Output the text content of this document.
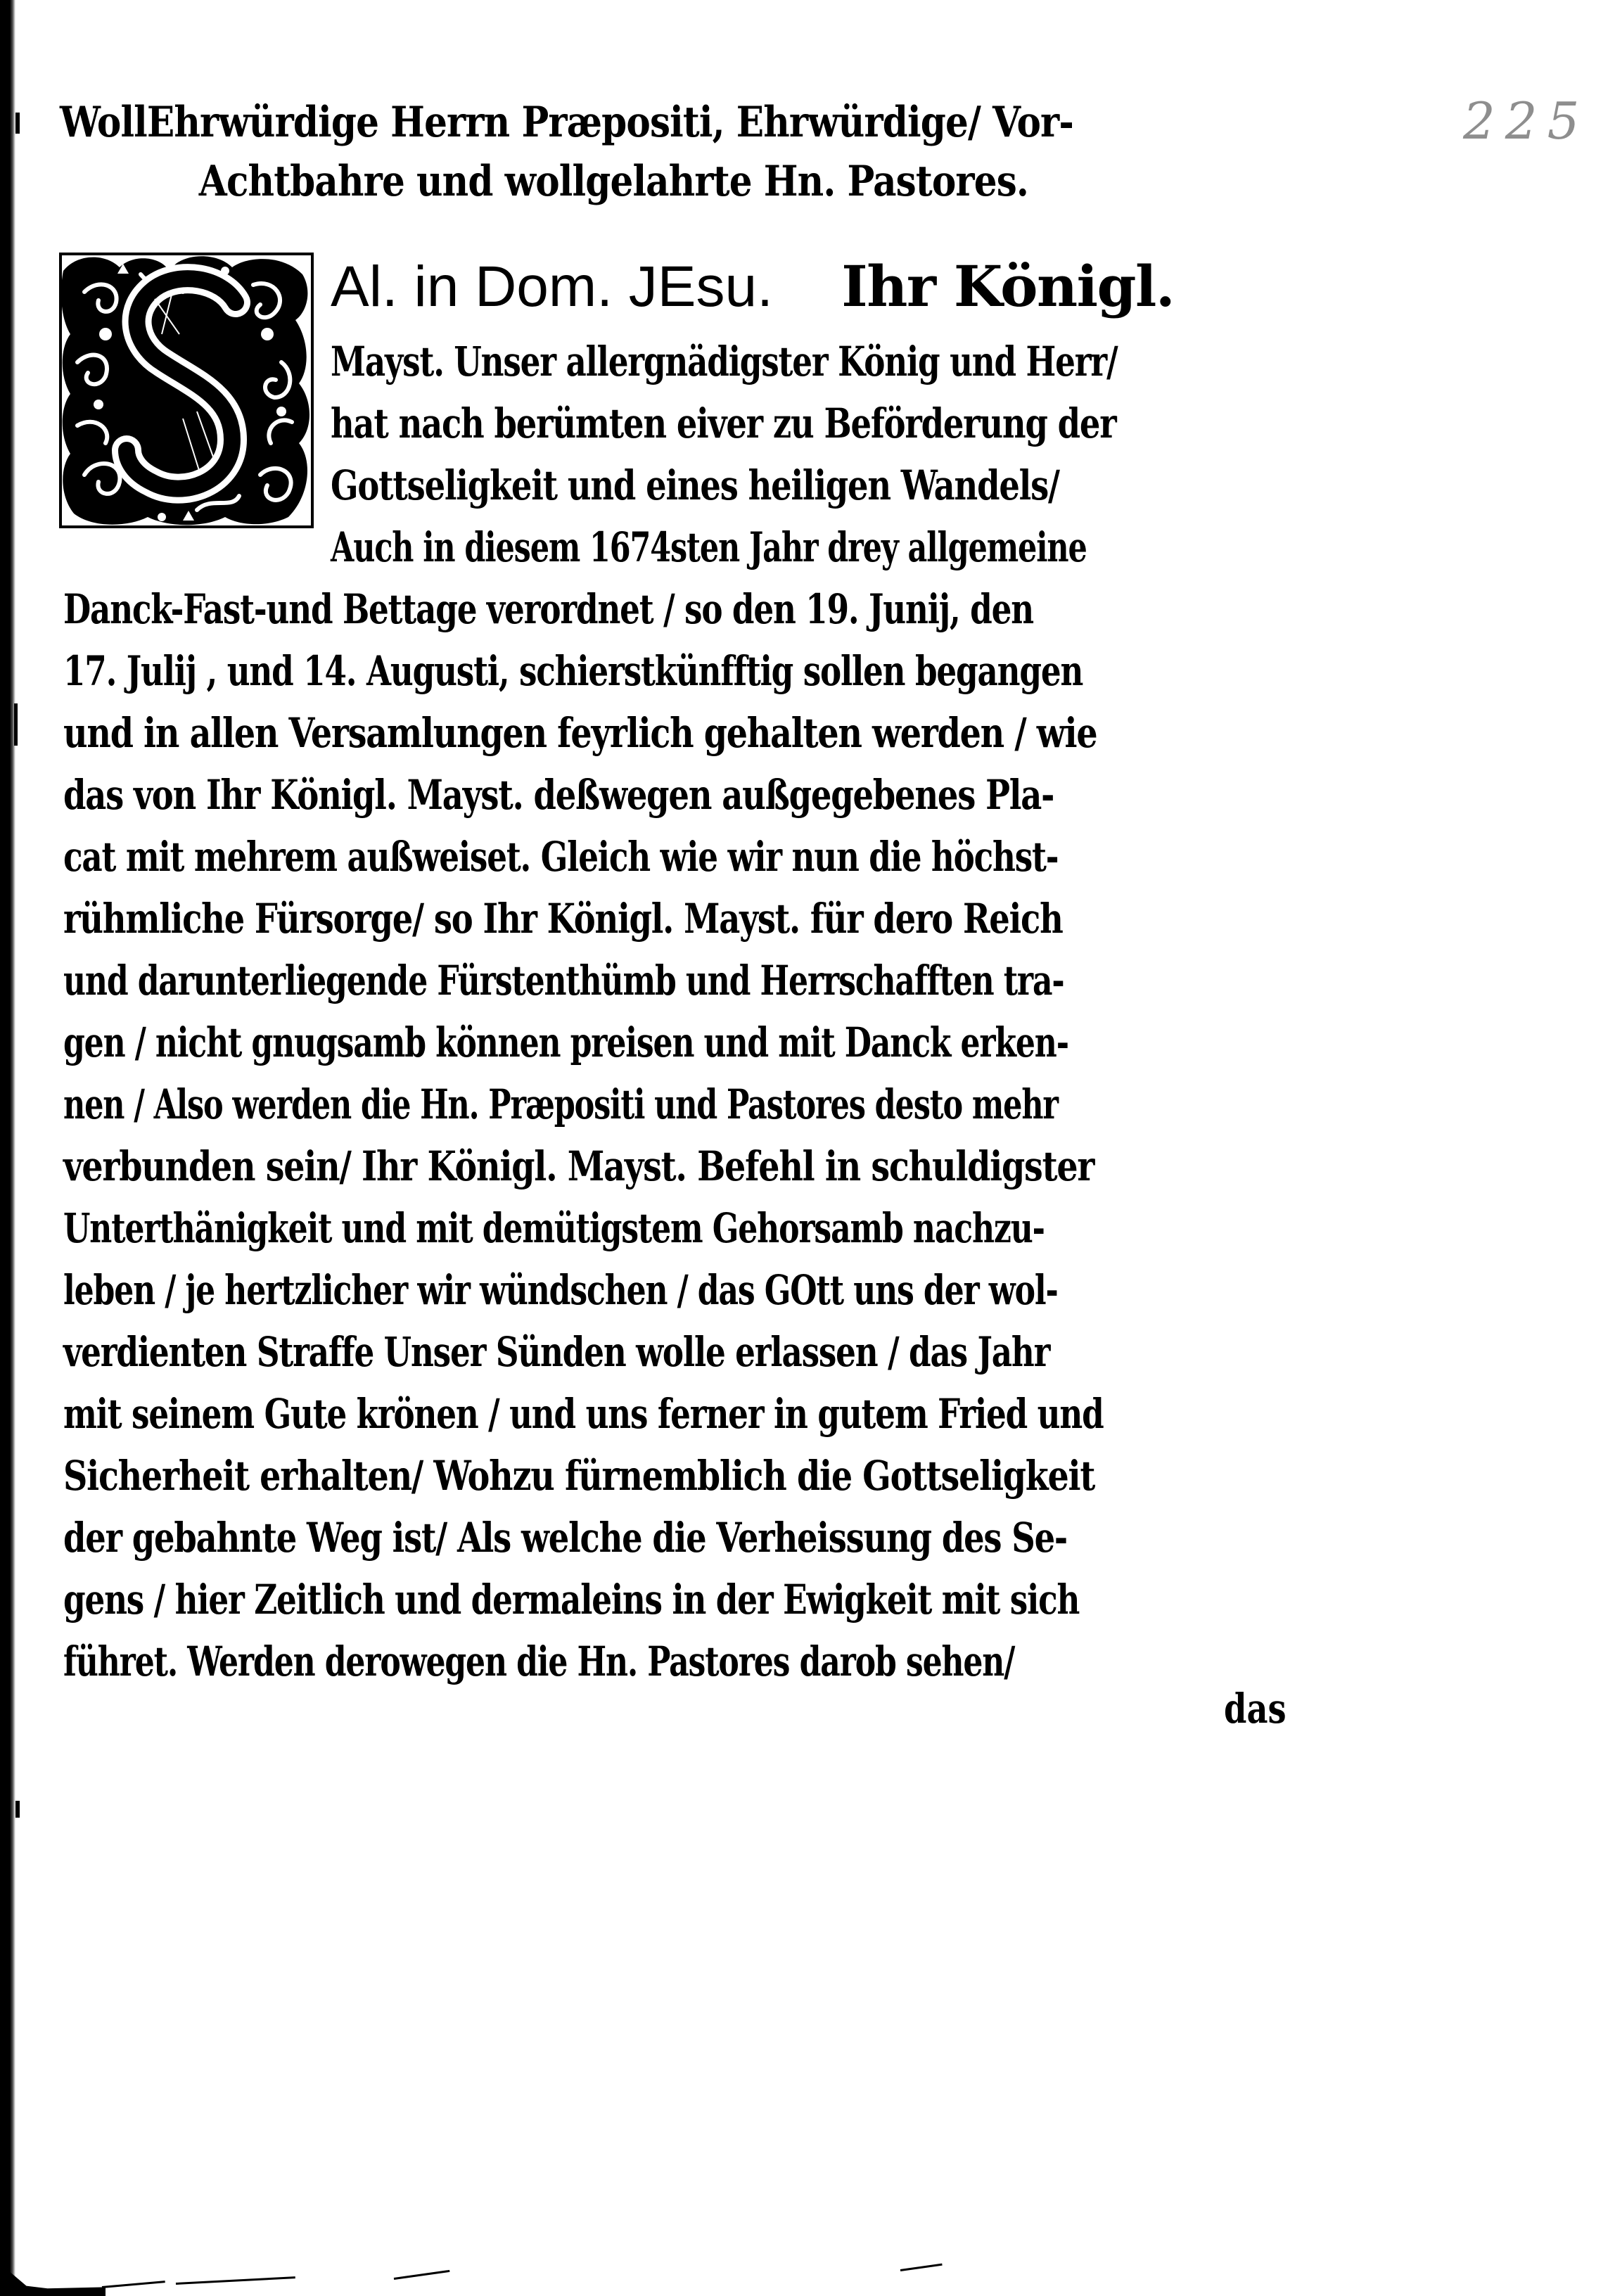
225
WollEhrwürdige Herrn Præpositi, Ehrwürdige/ Vor-
Achtbahre und wollgelahrte Hn. Pastores.
Al. in Dom. JEsu. Ihr Königl.
Mayst. Unser allergnädigster König und Herr/
hat nach berümten eiver zu Beförderung der
Gottseligkeit und eines heiligen Wandels/
Auch in diesem 1674sten Jahr drey allgemeine
Danck-Fast-und Bettage verordnet / so den 19. Junij, den
17. Julij , und 14. Augusti, schierstkünfftig sollen begangen
und in allen Versamlungen feyrlich gehalten werden / wie
das von Ihr Königl. Mayst. deßwegen außgegebenes Pla-
cat mit mehrem außweiset. Gleich wie wir nun die höchst-
rühmliche Fürsorge/ so Ihr Königl. Mayst. für dero Reich
und darunterliegende Fürstenthümb und Herrschafften tra-
gen / nicht gnugsamb können preisen und mit Danck erken-
nen / Also werden die Hn. Præpositi und Pastores desto mehr
verbunden sein/ Ihr Königl. Mayst. Befehl in schuldigster
Unterthänigkeit und mit demütigstem Gehorsamb nachzu-
leben / je hertzlicher wir wündschen / das GOtt uns der wol-
verdienten Straffe Unser Sünden wolle erlassen / das Jahr
mit seinem Gute krönen / und uns ferner in gutem Fried und
Sicherheit erhalten/ Wohzu fürnemblich die Gottseligkeit
der gebahnte Weg ist/ Als welche die Verheissung des Se-
gens / hier Zeitlich und dermaleins in der Ewigkeit mit sich
führet. Werden derowegen die Hn. Pastores darob sehen/
das
